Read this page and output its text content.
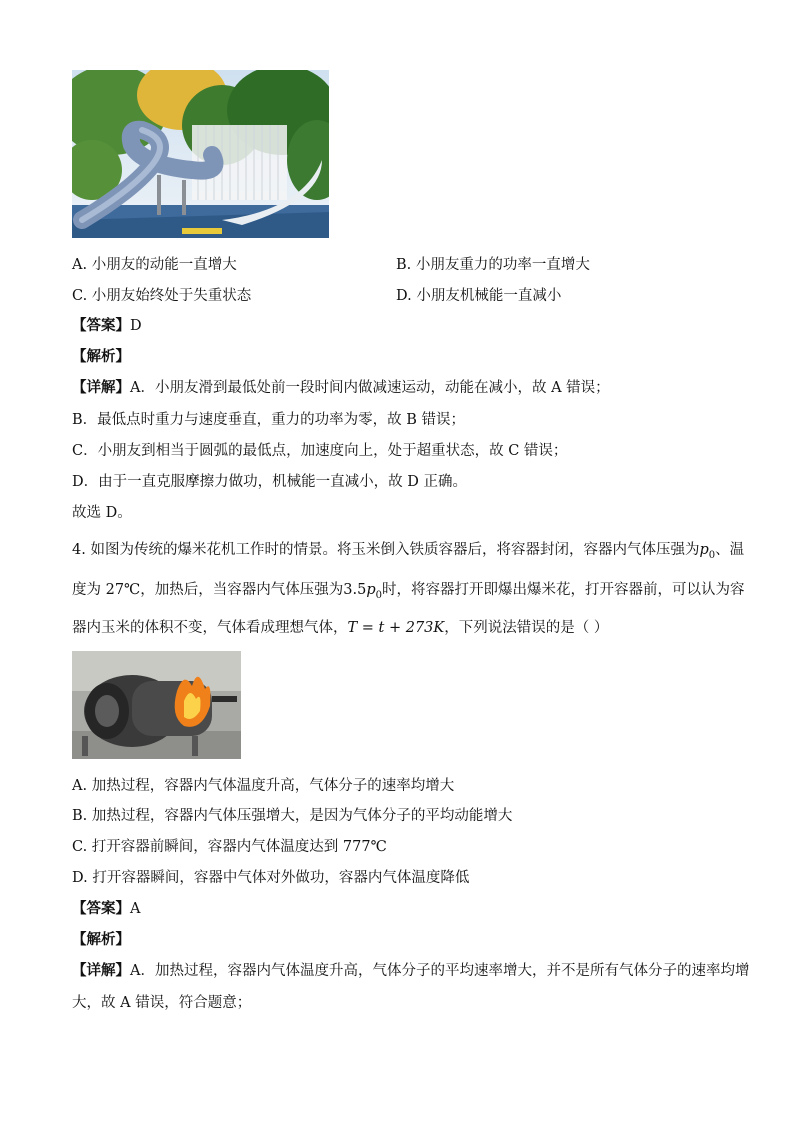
A. 小朋友的动能一直增大	B. 小朋友重力的功率一直增大
C. 小朋友始终处于失重状态	D. 小朋友机械能一直减小
【答案】D
【解析】
【详解】A．小朋友滑到最低处前一段时间内做减速运动，动能在减小，故 A 错误；
B．最低点时重力与速度垂直，重力的功率为零，故 B 错误；
C．小朋友到相当于圆弧的最低点，加速度向上，处于超重状态，故 C 错误；
D．由于一直克服摩擦力做功，机械能一直减小，故 D 正确。
故选 D。
4. 如图为传统的爆米花机工作时的情景。将玉米倒入铁质容器后，将容器封闭，容器内气体压强为$p_0$、温
度为 27℃，加热后，当容器内气体压强为$3.5p_0$时，将容器打开即爆出爆米花，打开容器前，可以认为容
器内玉米的体积不变，气体看成理想气体，T = t + 273K，下列说法错误的是（ ）
A. 加热过程，容器内气体温度升高，气体分子的速率均增大
B. 加热过程，容器内气体压强增大，是因为气体分子的平均动能增大
C. 打开容器前瞬间，容器内气体温度达到 777℃
D. 打开容器瞬间，容器中气体对外做功，容器内气体温度降低
【答案】A
【解析】
【详解】A．加热过程，容器内气体温度升高，气体分子的平均速率增大，并不是所有气体分子的速率均增
大，故 A 错误，符合题意；
